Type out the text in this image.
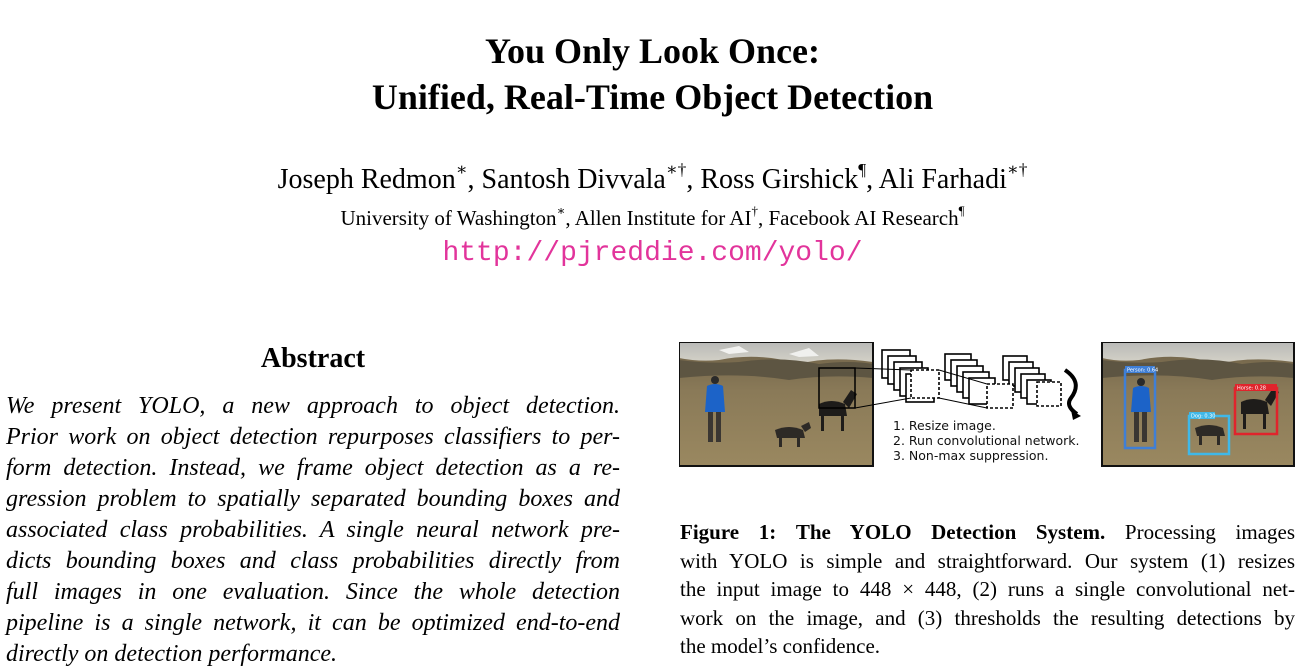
You Only Look Once:
Unified, Real-Time Object Detection
Joseph Redmon∗, Santosh Divvala∗†, Ross Girshick¶, Ali Farhadi∗†
University of Washington∗, Allen Institute for AI†, Facebook AI Research¶
http://pjreddie.com/yolo/
Abstract
We present YOLO, a new approach to object detection.
Prior work on object detection repurposes classifiers to per-
form detection. Instead, we frame object detection as a re-
gression problem to spatially separated bounding boxes and
associated class probabilities. A single neural network pre-
dicts bounding boxes and class probabilities directly from
full images in one evaluation. Since the whole detection
pipeline is a single network, it can be optimized end-to-end
directly on detection performance.
1. Resize image.
2. Run convolutional network.
3. Non-max suppression.
Person: 0.64
Horse: 0.28
Dog: 0.30
Figure 1: The YOLO Detection System. Processing images
with YOLO is simple and straightforward. Our system (1) resizes
the input image to 448 × 448, (2) runs a single convolutional net-
work on the image, and (3) thresholds the resulting detections by
the model’s confidence.
